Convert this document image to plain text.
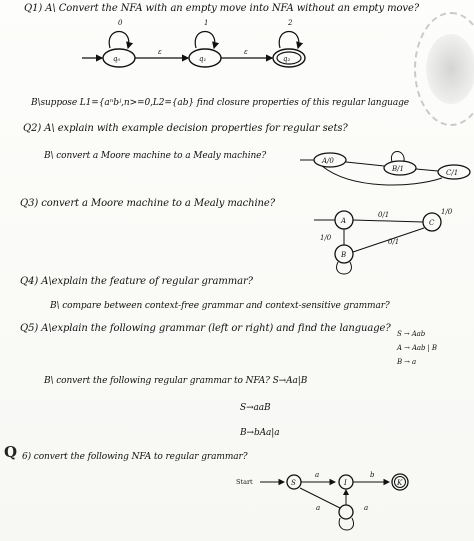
Q1) A\ Convert the NFA with an empty move into NFA without an empty move?
0	1	2
q₀	q₁	q₂
ε	ε
B\suppose L1={aⁿbʲ,n>=0,L2={ab} find closure properties of this regular language
Q2) A\ explain with example decision properties for regular sets?
B\ convert a Moore machine to a Mealy machine?	A/0
B/1	C/1
Q3) convert a Moore machine to a Mealy machine?
A
B
C
0/1
1/0	0/1
1/0
Q4) A\explain the feature of regular grammar?
B\ compare between context-free grammar and context-sensitive grammar?
Q5) A\explain the following grammar (left or right) and find the language? S → Aab
A → Aab | B
B → a
B\ convert the following regular grammar to NFA? S→Aa|B
S→aaB
B→bAa|a
Q 6) convert the following NFA to regular grammar?
Start	S
a
I
b
K
a	a
